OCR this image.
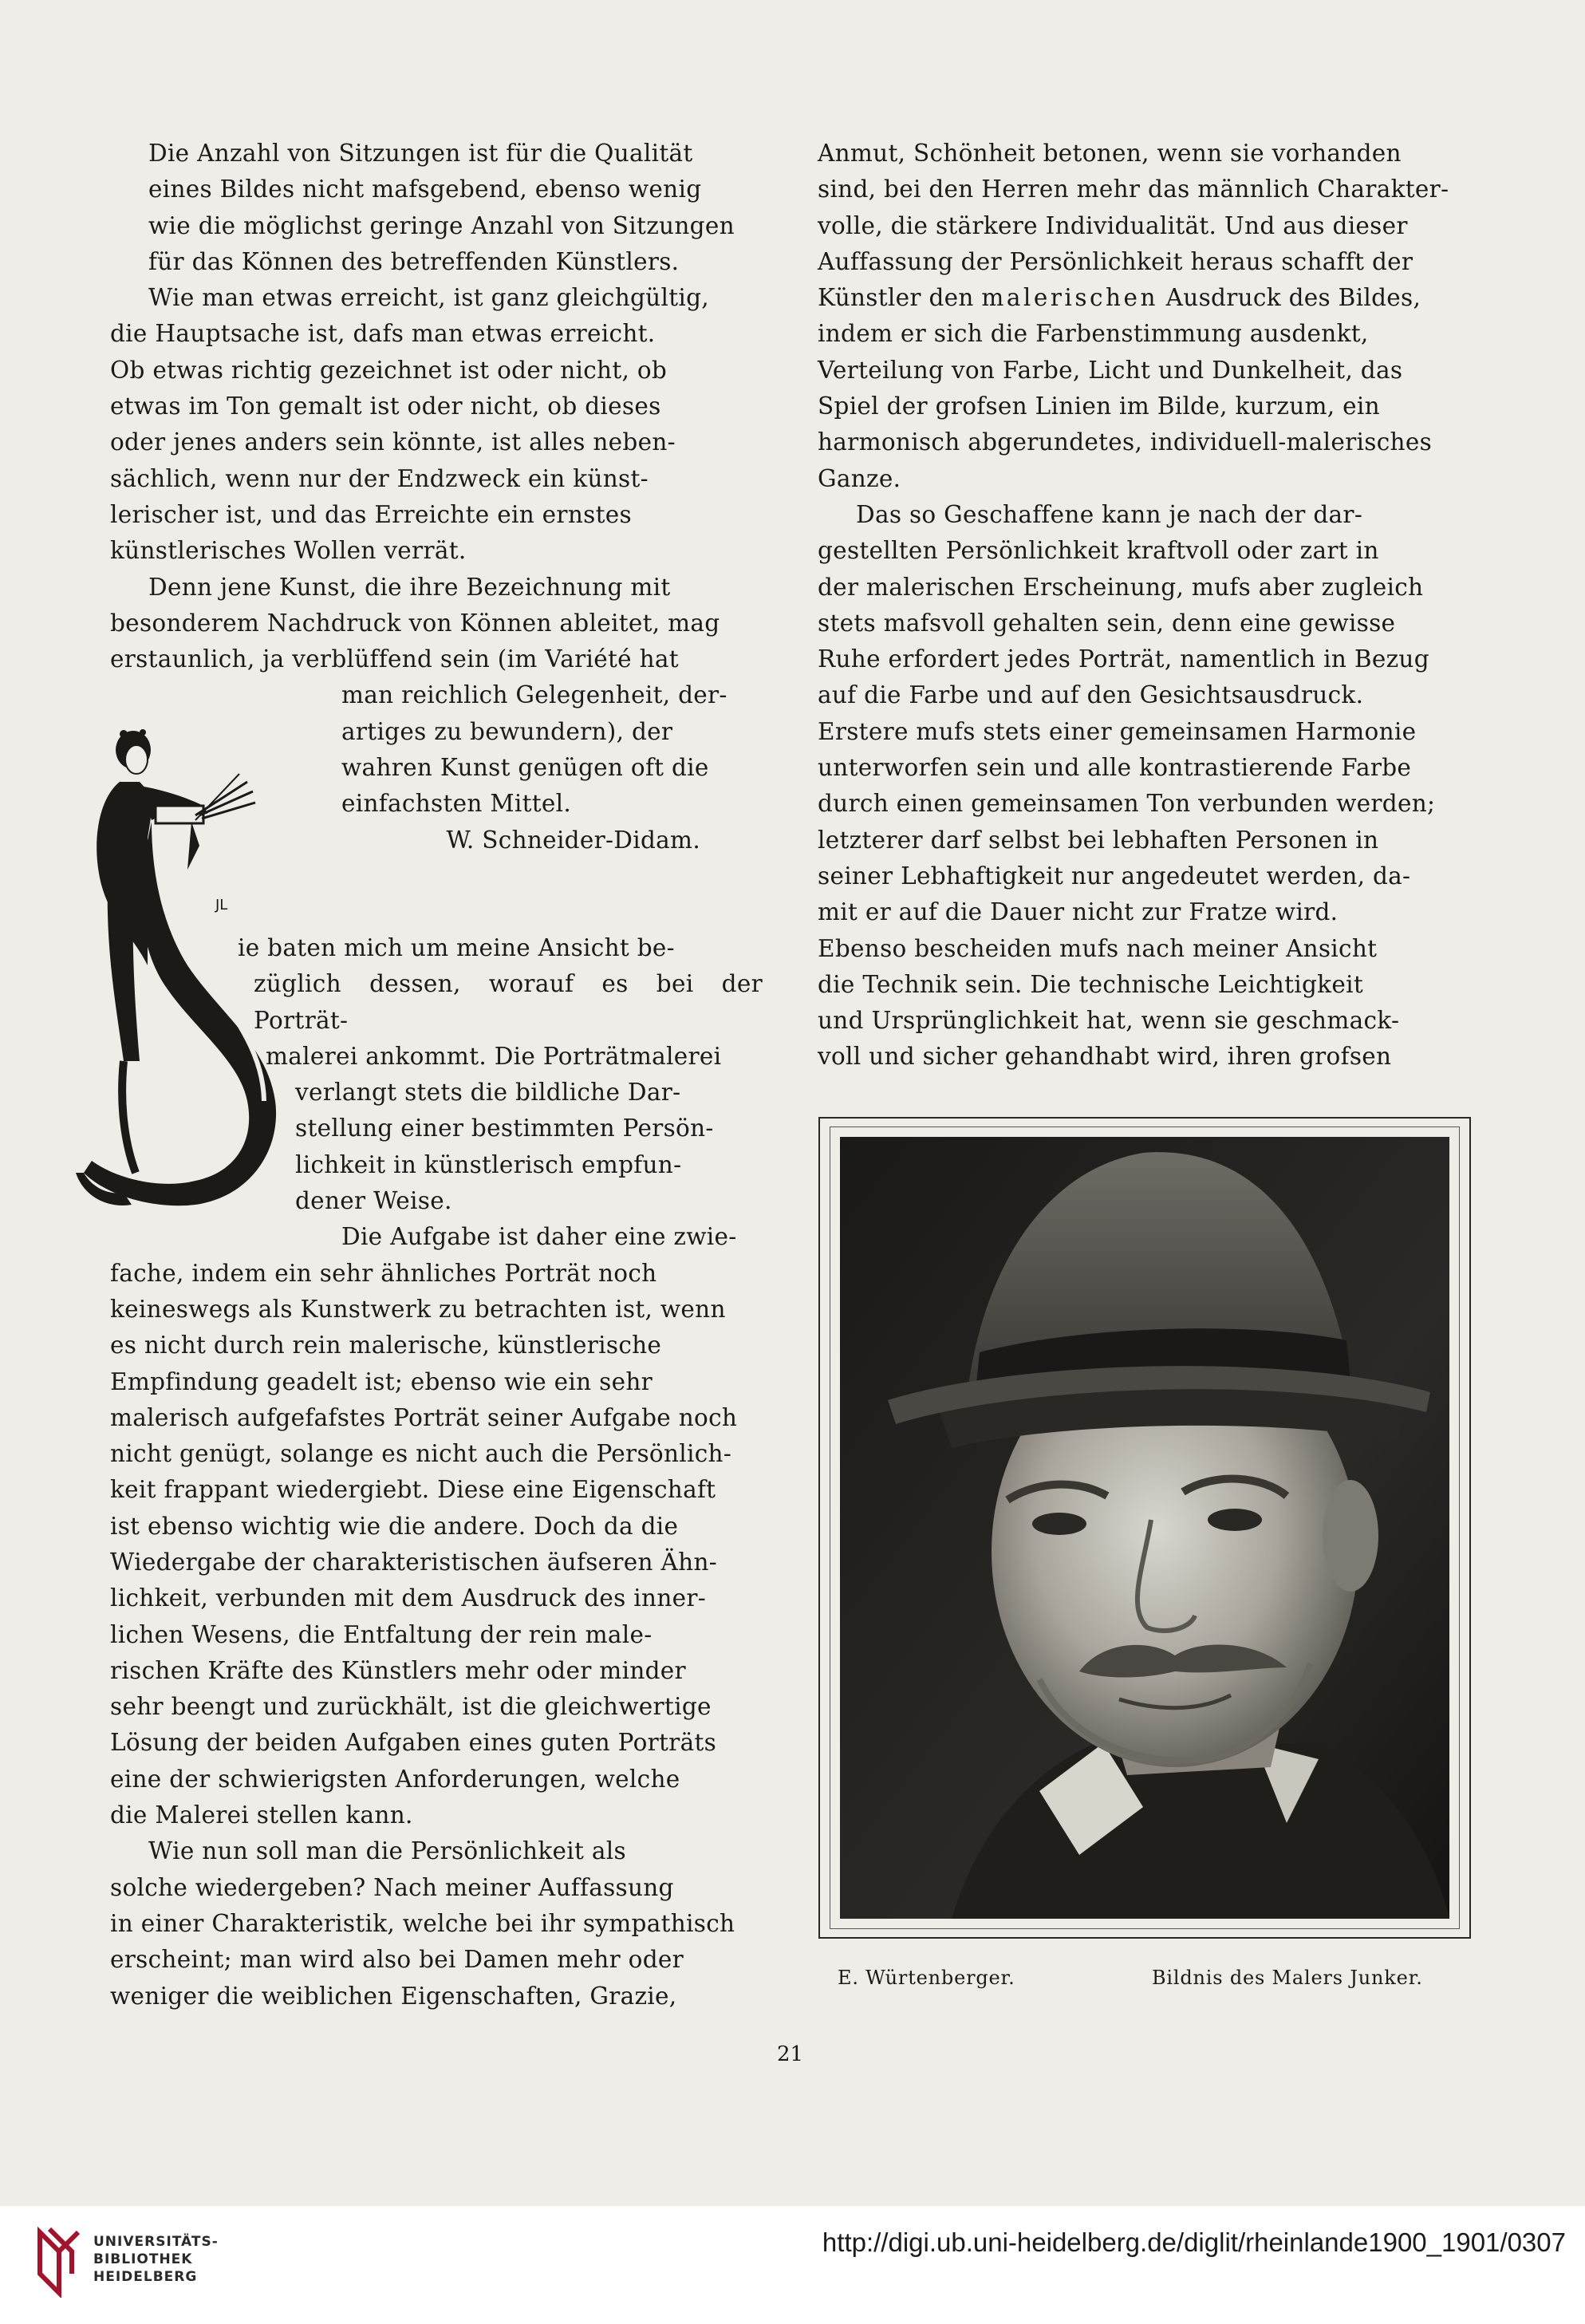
Die Anzahl von Sitzungen ist für die Qualität
eines Bildes nicht mafsgebend, ebenso wenig
wie die möglichst geringe Anzahl von Sitzungen
für das Können des betreffenden Künstlers.

Wie man etwas erreicht, ist ganz gleichgültig,
die Hauptsache ist, dafs man etwas erreicht.
Ob etwas richtig gezeichnet ist oder nicht, ob
etwas im Ton gemalt ist oder nicht, ob dieses
oder jenes anders sein könnte, ist alles neben-
sächlich, wenn nur der Endzweck ein künst-
lerischer ist, und das Erreichte ein ernstes
künstlerisches Wollen verrät.

Denn jene Kunst, die ihre Bezeichnung mit
besonderem Nachdruck von Können ableitet, mag
erstaunlich, ja verblüffend sein (im Variété hat

man reichlich Gelegenheit, der-
artiges zu bewundern), der
wahren Kunst genügen oft die
einfachsten Mittel.
W. Schneider-Didam.
ie baten mich um meine Ansicht be-
züglich dessen, worauf es bei der Porträt-
malerei ankommt. Die Porträtmalerei
verlangt stets die bildliche Dar-
stellung einer bestimmten Persön-
lichkeit in künstlerisch empfun-
dener Weise.
Die Aufgabe ist daher eine zwie-

fache, indem ein sehr ähnliches Porträt noch
keineswegs als Kunstwerk zu betrachten ist, wenn
es nicht durch rein malerische, künstlerische
Empfindung geadelt ist; ebenso wie ein sehr
malerisch aufgefafstes Porträt seiner Aufgabe noch
nicht genügt, solange es nicht auch die Persönlich-
keit frappant wiedergiebt. Diese eine Eigenschaft
ist ebenso wichtig wie die andere. Doch da die
Wiedergabe der charakteristischen äufseren Ähn-
lichkeit, verbunden mit dem Ausdruck des inner-
lichen Wesens, die Entfaltung der rein male-
rischen Kräfte des Künstlers mehr oder minder
sehr beengt und zurückhält, ist die gleichwertige
Lösung der beiden Aufgaben eines guten Porträts
eine der schwierigsten Anforderungen, welche
die Malerei stellen kann.

Wie nun soll man die Persönlichkeit als
solche wiedergeben? Nach meiner Auffassung
in einer Charakteristik, welche bei ihr sympathisch
erscheint; man wird also bei Damen mehr oder
weniger die weiblichen Eigenschaften, Grazie,

JL

Anmut, Schönheit betonen, wenn sie vorhanden
sind, bei den Herren mehr das männlich Charakter-
volle, die stärkere Individualität. Und aus dieser
Auffassung der Persönlichkeit heraus schafft der
Künstler den malerischen Ausdruck des Bildes,
indem er sich die Farbenstimmung ausdenkt,
Verteilung von Farbe, Licht und Dunkelheit, das
Spiel der grofsen Linien im Bilde, kurzum, ein
harmonisch abgerundetes, individuell-malerisches
Ganze.

Das so Geschaffene kann je nach der dar-
gestellten Persönlichkeit kraftvoll oder zart in
der malerischen Erscheinung, mufs aber zugleich
stets mafsvoll gehalten sein, denn eine gewisse
Ruhe erfordert jedes Porträt, namentlich in Bezug
auf die Farbe und auf den Gesichtsausdruck.
Erstere mufs stets einer gemeinsamen Harmonie
unterworfen sein und alle kontrastierende Farbe
durch einen gemeinsamen Ton verbunden werden;
letzterer darf selbst bei lebhaften Personen in
seiner Lebhaftigkeit nur angedeutet werden, da-
mit er auf die Dauer nicht zur Fratze wird.
Ebenso bescheiden mufs nach meiner Ansicht
die Technik sein. Die technische Leichtigkeit
und Ursprünglichkeit hat, wenn sie geschmack-
voll und sicher gehandhabt wird, ihren grofsen

E. Würtenberger.	Bildnis des Malers Junker.
21
UNIVERSITÄTS-
BIBLIOTHEK
HEIDELBERG
http://digi.ub.uni-heidelberg.de/diglit/rheinlande1900_1901/0307
